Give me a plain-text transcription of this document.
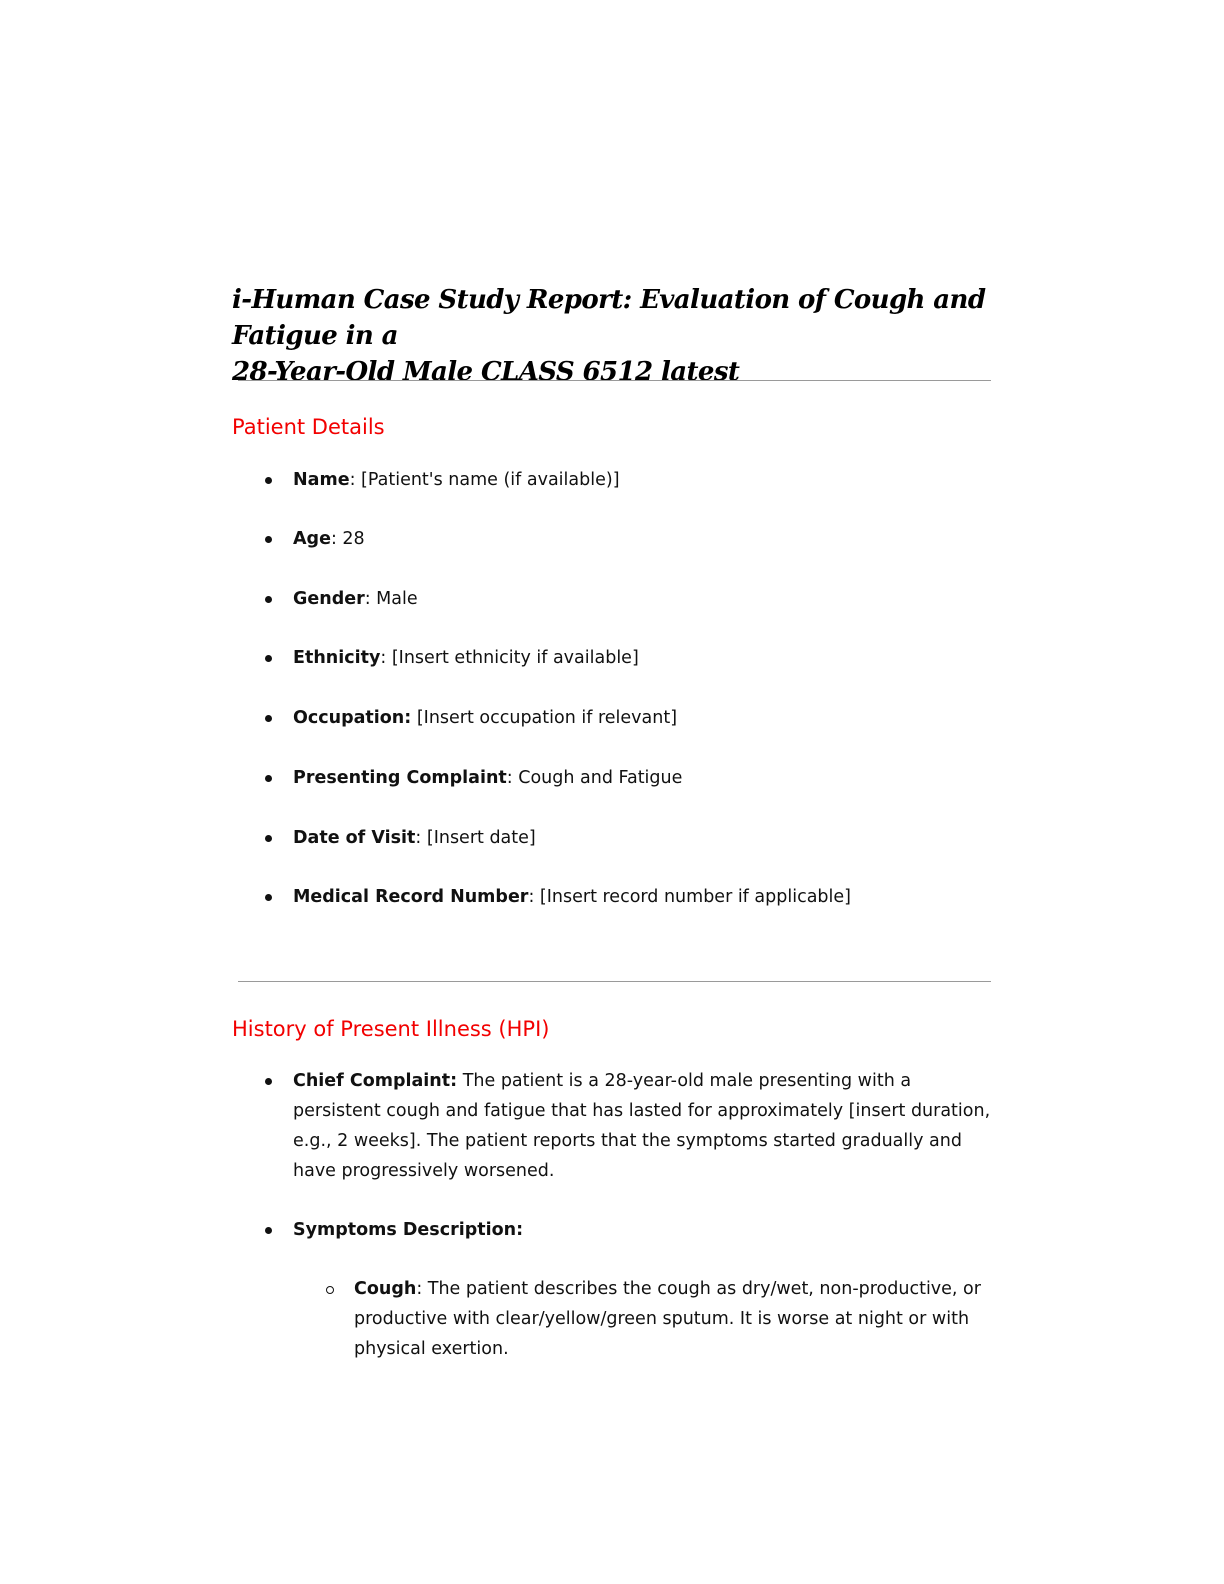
i-Human Case Study Report: Evaluation of Cough and Fatigue in a
28-Year-Old Male CLASS 6512 latest
Patient Details
Name: [Patient's name (if available)]
Age: 28
Gender: Male
Ethnicity: [Insert ethnicity if available]
Occupation: [Insert occupation if relevant]
Presenting Complaint: Cough and Fatigue
Date of Visit: [Insert date]
Medical Record Number: [Insert record number if applicable]
History of Present Illness (HPI)
Chief Complaint: The patient is a 28-year-old male presenting with a persistent cough and fatigue that has lasted for approximately [insert duration, e.g., 2 weeks]. The patient reports that the symptoms started gradually and have progressively worsened.
Symptoms Description:
Cough: The patient describes the cough as dry/wet, non-productive, or productive with clear/yellow/green sputum. It is worse at night or with physical exertion.
